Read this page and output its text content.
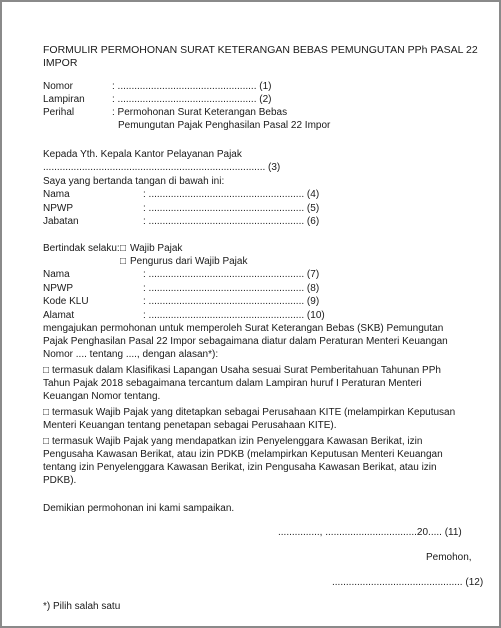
FORMULIR PERMOHONAN SURAT KETERANGAN BEBAS PEMUNGUTAN PPh PASAL 22
IMPOR
Nomor	: .................................................. (1)
Lampiran	: .................................................. (2)
Perihal	: Permohonan Surat Keterangan Bebas
Pemungutan Pajak Penghasilan Pasal 22 Impor
Kepada Yth. Kepala Kantor Pelayanan Pajak
................................................................................ (3)
Saya yang bertanda tangan di bawah ini:
Nama	: ........................................................ (4)
NPWP	: ........................................................ (5)
Jabatan	: ........................................................ (6)
Bertindak selaku: □ Wajib Pajak
□ Pengurus dari Wajib Pajak
Nama	: ........................................................ (7)
NPWP	: ........................................................ (8)
Kode KLU	: ........................................................ (9)
Alamat	: ........................................................ (10)
mengajukan permohonan untuk memperoleh Surat Keterangan Bebas (SKB) Pemungutan
Pajak Penghasilan Pasal 22 Impor sebagaimana diatur dalam Peraturan Menteri Keuangan
Nomor .... tentang ...., dengan alasan*):
□ termasuk dalam Klasifikasi Lapangan Usaha sesuai Surat Pemberitahuan Tahunan PPh
Tahun Pajak 2018 sebagaimana tercantum dalam Lampiran huruf I Peraturan Menteri
Keuangan Nomor tentang.
□ termasuk Wajib Pajak yang ditetapkan sebagai Perusahaan KITE (melampirkan Keputusan
Menteri Keuangan tentang penetapan sebagai Perusahaan KITE).
□ termasuk Wajib Pajak yang mendapatkan izin Penyelenggara Kawasan Berikat, izin
Pengusaha Kawasan Berikat, atau izin PDKB (melampirkan Keputusan Menteri Keuangan
tentang izin Penyelenggara Kawasan Berikat, izin Pengusaha Kawasan Berikat, atau izin
PDKB).
Demikian permohonan ini kami sampaikan.
..............., .................................20..... (11)
Pemohon,
............................................... (12)
*) Pilih salah satu
